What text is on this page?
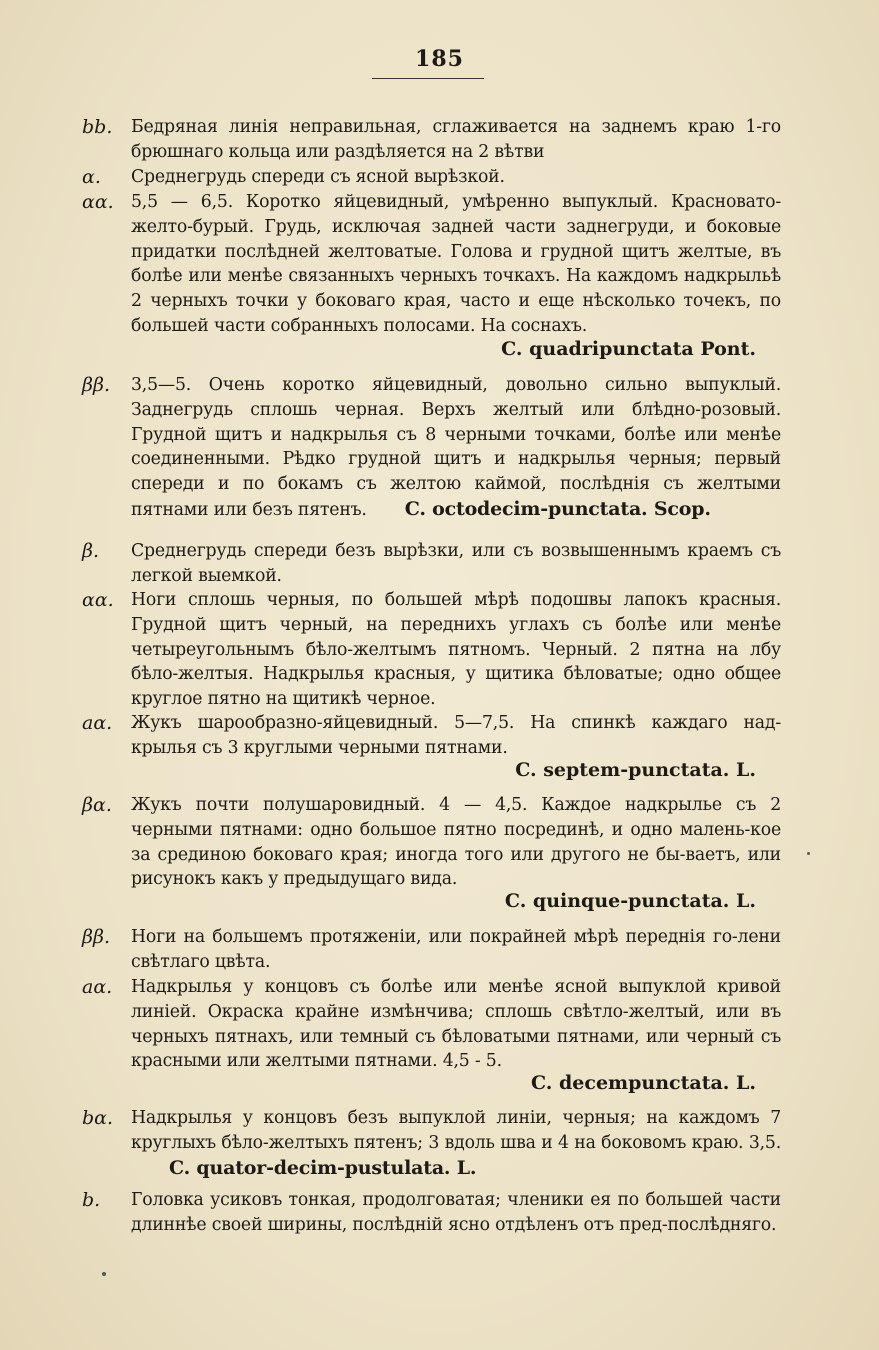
185
bb.	Бедряная линія неправильная, сглаживается на заднемъ краю 1-го брюшнаго кольца или раздѣляется на 2 вѣтви
α.	Среднегрудь спереди съ ясной вырѣзкой.
αα. 5,5 — 6,5. Коротко яйцевидный, умѣренно выпуклый. Красновато-желто-бурый. Грудь, исключая задней части заднегруди, и боковые придатки послѣдней желтоватые. Голова и грудной щитъ желтые, въ болѣе или менѣе связанныхъ черныхъ точкахъ. На каждомъ надкрыльѣ 2 черныхъ точки у боковаго края, часто и еще нѣсколько точекъ, по большей части собранныхъ полосами. На соснахъ.
C. quadripunctata Pont.
ββ.	3,5—5. Очень коротко яйцевидный, довольно сильно выпуклый. Заднегрудь сплошь черная. Верхъ желтый или блѣдно-розовый. Грудной щитъ и надкрылья съ 8 черными точками, болѣе или менѣе соединенными. Рѣдко грудной щитъ и надкрылья черныя; первый спереди и по бокамъ съ желтою каймой, послѣднія съ желтыми пятнами или безъ пятенъ. C. octodecim-punctata. Scop.
β.	Среднегрудь спереди безъ вырѣзки, или съ возвышеннымъ краемъ съ легкой выемкой.
αα. Ноги сплошь черныя, по большей мѣрѣ подошвы лапокъ красныя. Грудной щитъ черный, на переднихъ углахъ съ болѣе или менѣе четыреугольнымъ бѣло-желтымъ пятномъ. Черный. 2 пятна на лбу бѣло-желтыя. Надкрылья красныя, у щитика бѣловатые; одно общее круглое пятно на щитикѣ черное.
aα.	Жукъ шарообразно-яйцевидный. 5—7,5. На спинкѣ каждаго над-крылья съ 3 круглыми черными пятнами.
C. septem-punctata. L.
βα.	Жукъ почти полушаровидный. 4 — 4,5. Каждое надкрылье съ 2 черными пятнами: одно большое пятно посрединѣ, и одно малень-кое за срединою боковаго края; иногда того или другого не бы-ваетъ, или рисунокъ какъ у предыдущаго вида.
C. quinque-punctata. L.
ββ.	Ноги на большемъ протяженіи, или покрайней мѣрѣ переднія го-лени свѣтлаго цвѣта.
aα.	Надкрылья у концовъ съ болѣе или менѣе ясной выпуклой кривой линіей. Окраска крайне измѣнчива; сплошь свѣтло-желтый, или въ черныхъ пятнахъ, или темный съ бѣловатыми пятнами, или черный съ красными или желтыми пятнами. 4,5 - 5.
C. decempunctata. L.
bα.	Надкрылья у концовъ безъ выпуклой линіи, черныя; на каждомъ 7 круглыхъ бѣло-желтыхъ пятенъ; 3 вдоль шва и 4 на боковомъ краю. 3,5.C. quator-decim-pustulata. L.
b.	Головка усиковъ тонкая, продолговатая; членики ея по большей части длиннѣе своей ширины, послѣдній ясно отдѣленъ отъ пред-послѣдняго.
